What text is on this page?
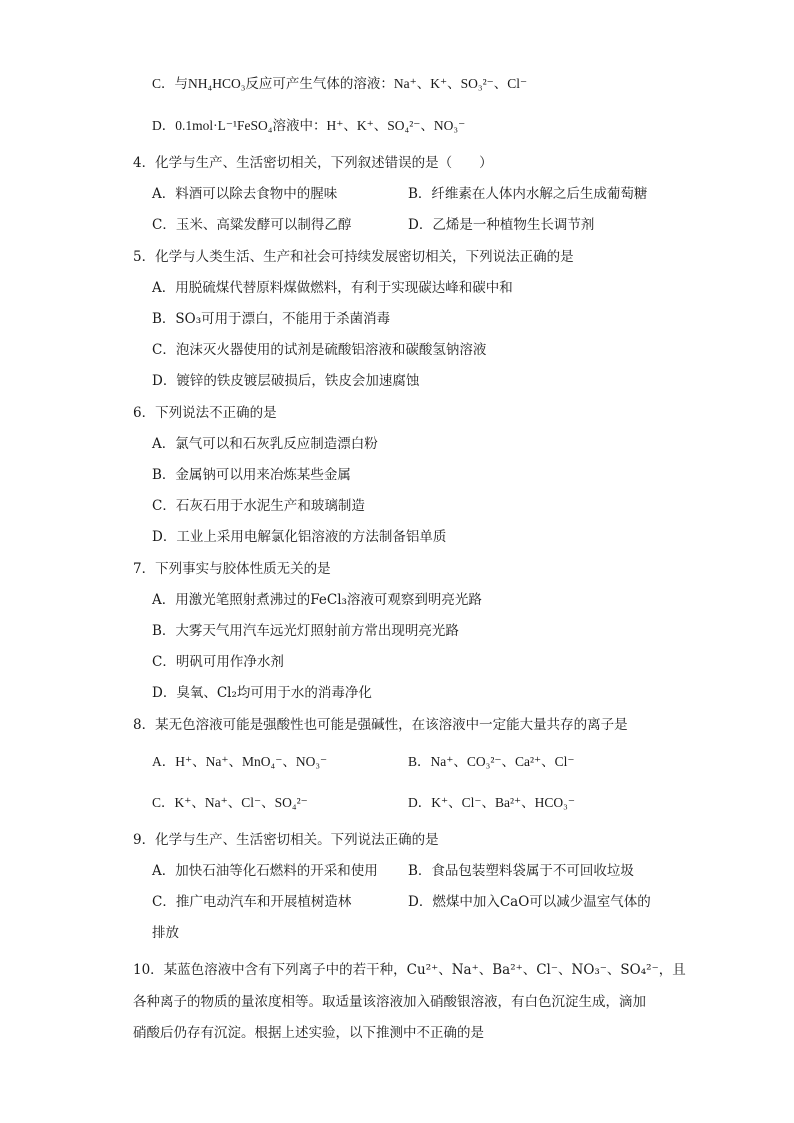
C．与NH₄HCO₃反应可产生气体的溶液：Na⁺、K⁺、SO₃²⁻、Cl⁻
D．0.1mol·L⁻¹FeSO₄溶液中：H⁺、K⁺、SO₄²⁻、NO₃⁻
4．化学与生产、生活密切相关，下列叙述错误的是（　　）
A．料酒可以除去食物中的腥味	B．纤维素在人体内水解之后生成葡萄糖
C．玉米、高粱发酵可以制得乙醇	D．乙烯是一种植物生长调节剂
5．化学与人类生活、生产和社会可持续发展密切相关，下列说法正确的是
A．用脱硫煤代替原料煤做燃料，有利于实现碳达峰和碳中和
B．SO₃可用于漂白，不能用于杀菌消毒
C．泡沫灭火器使用的试剂是硫酸铝溶液和碳酸氢钠溶液
D．镀锌的铁皮镀层破损后，铁皮会加速腐蚀
6．下列说法不正确的是
A．氯气可以和石灰乳反应制造漂白粉
B．金属钠可以用来冶炼某些金属
C．石灰石用于水泥生产和玻璃制造
D．工业上采用电解氯化铝溶液的方法制备铝单质
7．下列事实与胶体性质无关的是
A．用激光笔照射煮沸过的FeCl₃溶液可观察到明亮光路
B．大雾天气用汽车远光灯照射前方常出现明亮光路
C．明矾可用作净水剂
D．臭氧、Cl₂均可用于水的消毒净化
8．某无色溶液可能是强酸性也可能是强碱性，在该溶液中一定能大量共存的离子是
A．H⁺、Na⁺、MnO₄⁻、NO₃⁻	B．Na⁺、CO₃²⁻、Ca²⁺、Cl⁻
C．K⁺、Na⁺、Cl⁻、SO₄²⁻	D．K⁺、Cl⁻、Ba²⁺、HCO₃⁻
9．化学与生产、生活密切相关。下列说法正确的是
A．加快石油等化石燃料的开采和使用 B．食品包装塑料袋属于不可回收垃圾
C．推广电动汽车和开展植树造林	D．燃煤中加入CaO可以减少温室气体的
排放
10．某蓝色溶液中含有下列离子中的若干种，Cu²⁺、Na⁺、Ba²⁺、Cl⁻、NO₃⁻、SO₄²⁻，且
各种离子的物质的量浓度相等。取适量该溶液加入硝酸银溶液，有白色沉淀生成，滴加
硝酸后仍存有沉淀。根据上述实验，以下推测中不正确的是
